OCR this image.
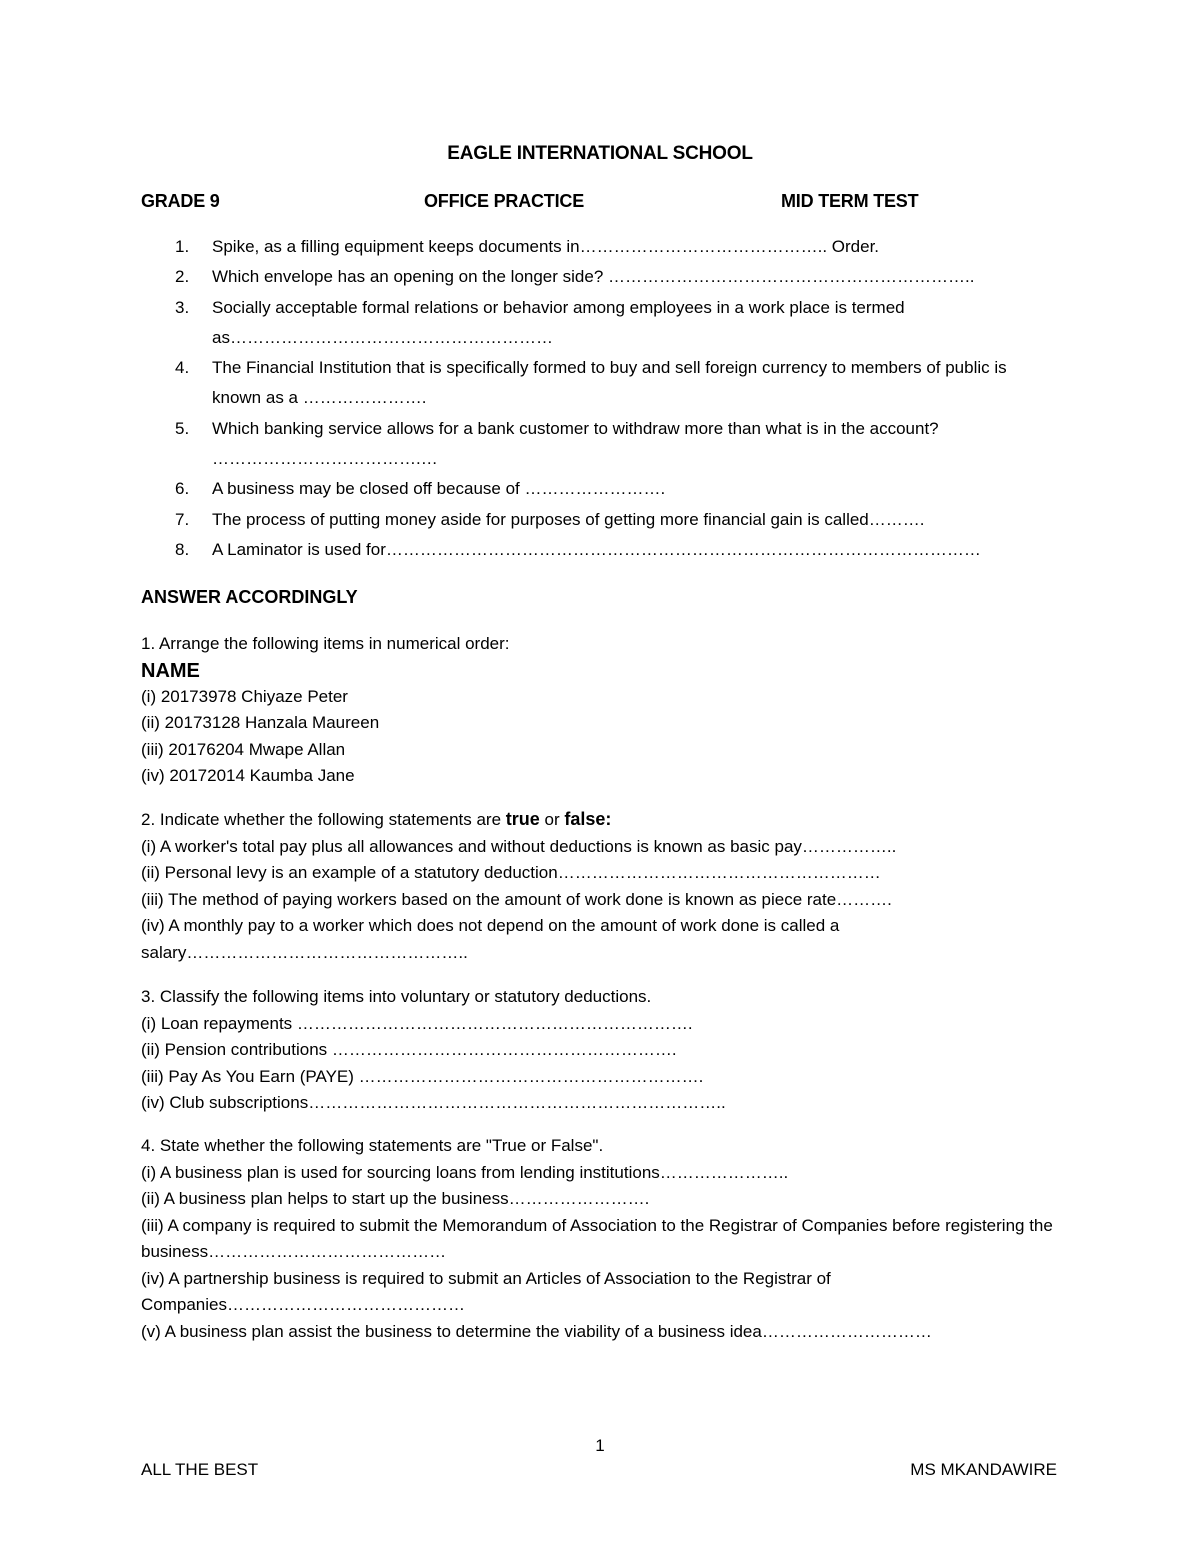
EAGLE INTERNATIONAL SCHOOL
GRADE 9	OFFICE PRACTICE	MID TERM TEST
1. Spike, as a filling equipment keeps documents in…………………………………….. Order.
2. Which envelope has an opening on the longer side? ………………………………………………………..
3. Socially acceptable formal relations or behavior among employees in a work place is termed as…………………………………………………
4. The Financial Institution that is specifically formed to buy and sell foreign currency to members of public is known as a ………………….
5. Which banking service allows for a bank customer to withdraw more than what is in the account? ……………………………….…
6. A business may be closed off because of …………………….
7. The process of putting money aside for purposes of getting more financial gain is called……….
8. A Laminator is used for……………………………………………………………………………………………
ANSWER ACCORDINGLY
1. Arrange the following items in numerical order:
NAME
(i) 20173978 Chiyaze Peter
(ii) 20173128 Hanzala Maureen
(iii) 20176204 Mwape Allan
(iv) 20172014 Kaumba Jane
2. Indicate whether the following statements are true or false:
(i) A worker's total pay plus all allowances and without deductions is known as basic pay……………..
(ii) Personal levy is an example of a statutory deduction…………………………………………………
(iii) The method of paying workers based on the amount of work done is known as piece rate……….
(iv) A monthly pay to a worker which does not depend on the amount of work done is called a salary…………………………………………..
3. Classify the following items into voluntary or statutory deductions.
(i) Loan repayments …………………………………………………………….
(ii) Pension contributions …………………………………………………….
(iii) Pay As You Earn (PAYE) …………………………………………………….
(iv) Club subscriptions………………………………………………………………..
4. State whether the following statements are "True or False".
(i) A business plan is used for sourcing loans from lending institutions…………………..
(ii) A business plan helps to start up the business…………………….
(iii) A company is required to submit the Memorandum of Association to the Registrar of Companies before registering the business……………………………………
(iv) A partnership business is required to submit an Articles of Association to the Registrar of Companies……………………………………
(v) A business plan assist the business to determine the viability of a business idea…………………………
1
ALL THE BEST	MS MKANDAWIRE
